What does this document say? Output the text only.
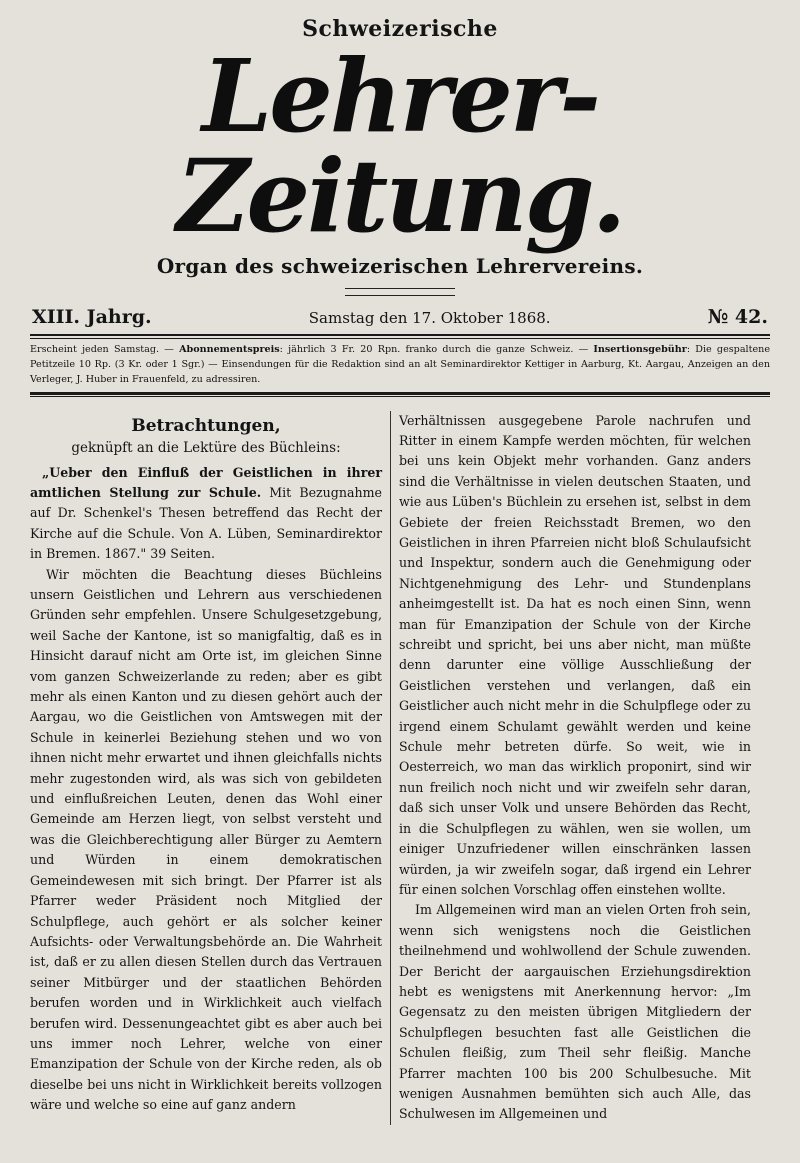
Schweizerische
Lehrer-Zeitung.
Organ des schweizerischen Lehrervereins.
XIII. Jahrg.	Samstag den 17. Oktober 1868.	№ 42.
Erscheint jeden Samstag. — Abonnementspreis: jährlich 3 Fr. 20 Rpn. franko durch die ganze Schweiz. — Insertionsgebühr: Die gespaltene Petitzeile 10 Rp. (3 Kr. oder 1 Sgr.) — Einsendungen für die Redaktion sind an alt Seminardirektor Kettiger in Aarburg, Kt. Aargau, Anzeigen an den Verleger, J. Huber in Frauenfeld, zu adressiren.
Betrachtungen,
geknüpft an die Lektüre des Büchleins:

„Ueber den Einfluß der Geistlichen in ihrer amtlichen Stellung zur Schule. Mit Bezugnahme auf Dr. Schenkel's Thesen betreffend das Recht der Kirche auf die Schule. Von A. Lüben, Seminardirektor in Bremen. 1867." 39 Seiten.

Wir möchten die Beachtung dieses Büchleins unsern Geistlichen und Lehrern aus verschiedenen Gründen sehr empfehlen. Unsere Schulgesetzgebung, weil Sache der Kantone, ist so manigfaltig, daß es in Hinsicht darauf nicht am Orte ist, im gleichen Sinne vom ganzen Schweizerlande zu reden; aber es gibt mehr als einen Kanton und zu diesen gehört auch der Aargau, wo die Geistlichen von Amtswegen mit der Schule in keinerlei Beziehung stehen und wo von ihnen nicht mehr erwartet und ihnen gleichfalls nichts mehr zugestonden wird, als was sich von gebildeten und einflußreichen Leuten, denen das Wohl einer Gemeinde am Herzen liegt, von selbst versteht und was die Gleichberechtigung aller Bürger zu Aemtern und Würden in einem demokratischen Gemeindewesen mit sich bringt. Der Pfarrer ist als Pfarrer weder Präsident noch Mitglied der Schulpflege, auch gehört er als solcher keiner Aufsichts- oder Verwaltungsbehörde an. Die Wahrheit ist, daß er zu allen diesen Stellen durch das Vertrauen seiner Mitbürger und der staatlichen Behörden berufen worden und in Wirklichkeit auch vielfach berufen wird. Dessenungeachtet gibt es aber auch bei uns immer noch Lehrer, welche von einer Emanzipation der Schule von der Kirche reden, als ob dieselbe bei uns nicht in Wirklichkeit bereits vollzogen wäre und welche so eine auf ganz andern

Verhältnissen ausgegebene Parole nachrufen und Ritter in einem Kampfe werden möchten, für welchen bei uns kein Objekt mehr vorhanden. Ganz anders sind die Verhältnisse in vielen deutschen Staaten, und wie aus Lüben's Büchlein zu ersehen ist, selbst in dem Gebiete der freien Reichsstadt Bremen, wo den Geistlichen in ihren Pfarreien nicht bloß Schulaufsicht und Inspektur, sondern auch die Genehmigung oder Nichtgenehmigung des Lehr- und Stundenplans anheimgestellt ist. Da hat es noch einen Sinn, wenn man für Emanzipation der Schule von der Kirche schreibt und spricht, bei uns aber nicht, man müßte denn darunter eine völlige Ausschließung der Geistlichen verstehen und verlangen, daß ein Geistlicher auch nicht mehr in die Schulpflege oder zu irgend einem Schulamt gewählt werden und keine Schule mehr betreten dürfe. So weit, wie in Oesterreich, wo man das wirklich proponirt, sind wir nun freilich noch nicht und wir zweifeln sehr daran, daß sich unser Volk und unsere Behörden das Recht, in die Schulpflegen zu wählen, wen sie wollen, um einiger Unzufriedener willen einschränken lassen würden, ja wir zweifeln sogar, daß irgend ein Lehrer für einen solchen Vorschlag offen einstehen wollte.

Im Allgemeinen wird man an vielen Orten froh sein, wenn sich wenigstens noch die Geistlichen theilnehmend und wohlwollend der Schule zuwenden. Der Bericht der aargauischen Erziehungsdirektion hebt es wenigstens mit Anerkennung hervor: „Im Gegensatz zu den meisten übrigen Mitgliedern der Schulpflegen besuchten fast alle Geistlichen die Schulen fleißig, zum Theil sehr fleißig. Manche Pfarrer machten 100 bis 200 Schulbesuche. Mit wenigen Ausnahmen bemühten sich auch Alle, das Schulwesen im Allgemeinen und
